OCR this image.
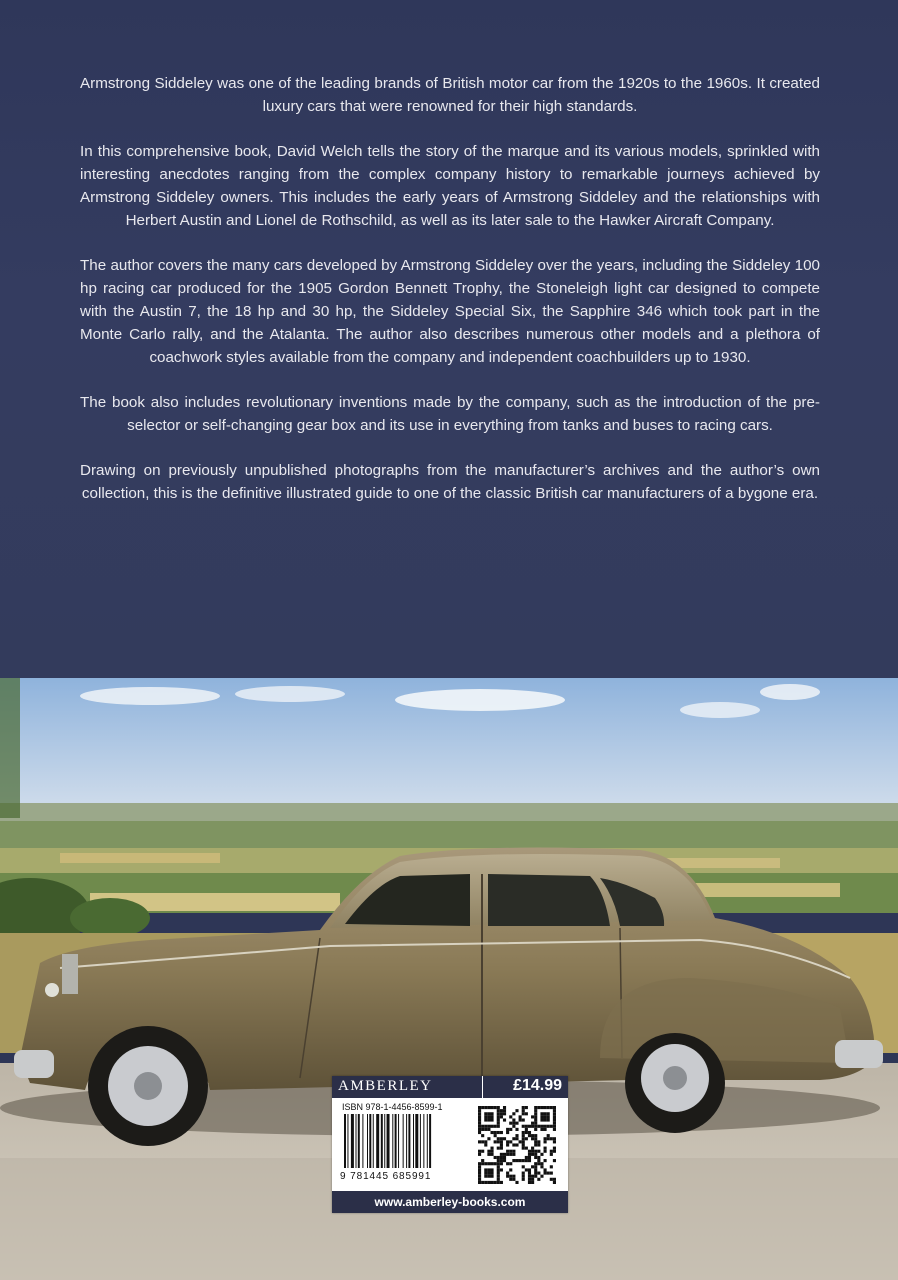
Armstrong Siddeley was one of the leading brands of British motor car from the 1920s to the 1960s. It created luxury cars that were renowned for their high standards.

In this comprehensive book, David Welch tells the story of the marque and its various models, sprinkled with interesting anecdotes ranging from the complex company history to remarkable journeys achieved by Armstrong Siddeley owners. This includes the early years of Armstrong Siddeley and the relationships with Herbert Austin and Lionel de Rothschild, as well as its later sale to the Hawker Aircraft Company.

The author covers the many cars developed by Armstrong Siddeley over the years, including the Siddeley 100 hp racing car produced for the 1905 Gordon Bennett Trophy, the Stoneleigh light car designed to compete with the Austin 7, the 18 hp and 30 hp, the Siddeley Special Six, the Sapphire 346 which took part in the Monte Carlo rally, and the Atalanta. The author also describes numerous other models and a plethora of coachwork styles available from the company and independent coachbuilders up to 1930.

The book also includes revolutionary inventions made by the company, such as the introduction of the pre-selector or self-changing gear box and its use in everything from tanks and buses to racing cars.

Drawing on previously unpublished photographs from the manufacturer’s archives and the author’s own collection, this is the definitive illustrated guide to one of the classic British car manufacturers of a bygone era.

AMBERLEY	£14.99
ISBN 978-1-4456-8599-1
9 781445 685991
www.amberley-books.com
